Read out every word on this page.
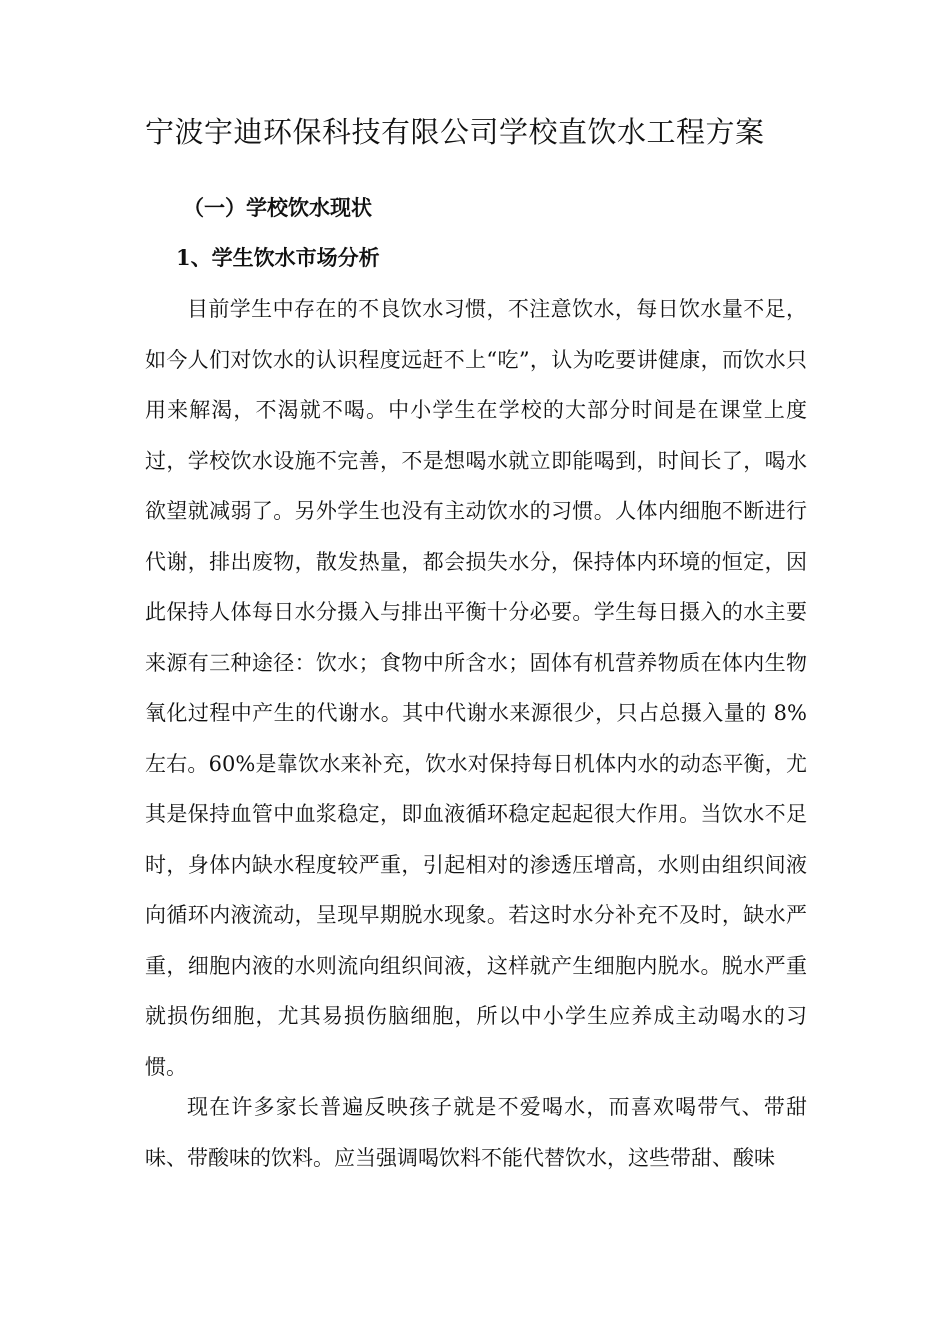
宁波宇迪环保科技有限公司学校直饮水工程方案
（一）学校饮水现状
1、学生饮水市场分析

目前学生中存在的不良饮水习惯，不注意饮水，每日饮水量不足，如今人们对饮水的认识程度远赶不上“吃”，认为吃要讲健康，而饮水只用来解渴，不渴就不喝。中小学生在学校的大部分时间是在课堂上度过，学校饮水设施不完善，不是想喝水就立即能喝到，时间长了，喝水欲望就减弱了。另外学生也没有主动饮水的习惯。人体内细胞不断进行代谢，排出废物，散发热量，都会损失水分，保持体内环境的恒定，因此保持人体每日水分摄入与排出平衡十分必要。学生每日摄入的水主要来源有三种途径：饮水；食物中所含水；固体有机营养物质在体内生物氧化过程中产生的代谢水。其中代谢水来源很少，只占总摄入量的 8%左右。60%是靠饮水来补充，饮水对保持每日机体内水的动态平衡，尤其是保持血管中血浆稳定，即血液循环稳定起起很大作用。当饮水不足时，身体内缺水程度较严重，引起相对的渗透压增高，水则由组织间液向循环内液流动，呈现早期脱水现象。若这时水分补充不及时，缺水严重，细胞内液的水则流向组织间液，这样就产生细胞内脱水。脱水严重就损伤细胞，尤其易损伤脑细胞，所以中小学生应养成主动喝水的习惯。

现在许多家长普遍反映孩子就是不爱喝水，而喜欢喝带气、带甜味、带酸味的饮料。应当强调喝饮料不能代替饮水，这些带甜、酸味
